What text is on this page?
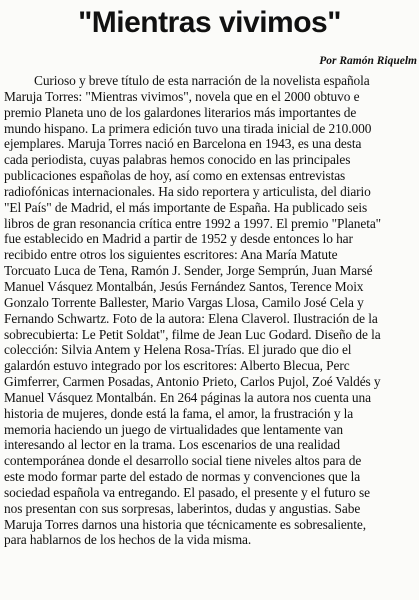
"Mientras vivimos"
Por Ramón Riquelm
Curioso y breve título de esta narración de la novelista española
Maruja Torres: "Mientras vivimos", novela que en el 2000 obtuvo e
premio Planeta uno de los galardones literarios más importantes de
mundo hispano. La primera edición tuvo una tirada inicial de 210.000
ejemplares. Maruja Torres nació en Barcelona en 1943, es una desta
cada periodista, cuyas palabras hemos conocido en las principales
publicaciones españolas de hoy, así como en extensas entrevistas
radiofónicas internacionales. Ha sido reportera y articulista, del diario
"El País" de Madrid, el más importante de España. Ha publicado seis
libros de gran resonancia crítica entre 1992 a 1997. El premio "Planeta"
fue establecido en Madrid a partir de 1952 y desde entonces lo har
recibido entre otros los siguientes escritores: Ana María Matute
Torcuato Luca de Tena, Ramón J. Sender, Jorge Semprún, Juan Marsé
Manuel Vásquez Montalbán, Jesús Fernández Santos, Terence Moix
Gonzalo Torrente Ballester, Mario Vargas Llosa, Camilo José Cela y
Fernando Schwartz. Foto de la autora: Elena Claverol. Ilustración de la
sobrecubierta: Le Petit Soldat", filme de Jean Luc Godard. Diseño de la
colección: Silvia Antem y Helena Rosa-Trías. El jurado que dio el
galardón estuvo integrado por los escritores: Alberto Blecua, Perc
Gimferrer, Carmen Posadas, Antonio Prieto, Carlos Pujol, Zoé Valdés y
Manuel Vásquez Montalbán. En 264 páginas la autora nos cuenta una
historia de mujeres, donde está la fama, el amor, la frustración y la
memoria haciendo un juego de virtualidades que lentamente van
interesando al lector en la trama. Los escenarios de una realidad
contemporánea donde el desarrollo social tiene niveles altos para de
este modo formar parte del estado de normas y convenciones que la
sociedad española va entregando. El pasado, el presente y el futuro se
nos presentan con sus sorpresas, laberintos, dudas y angustias. Sabe
Maruja Torres darnos una historia que técnicamente es sobresaliente,
para hablarnos de los hechos de la vida misma.
